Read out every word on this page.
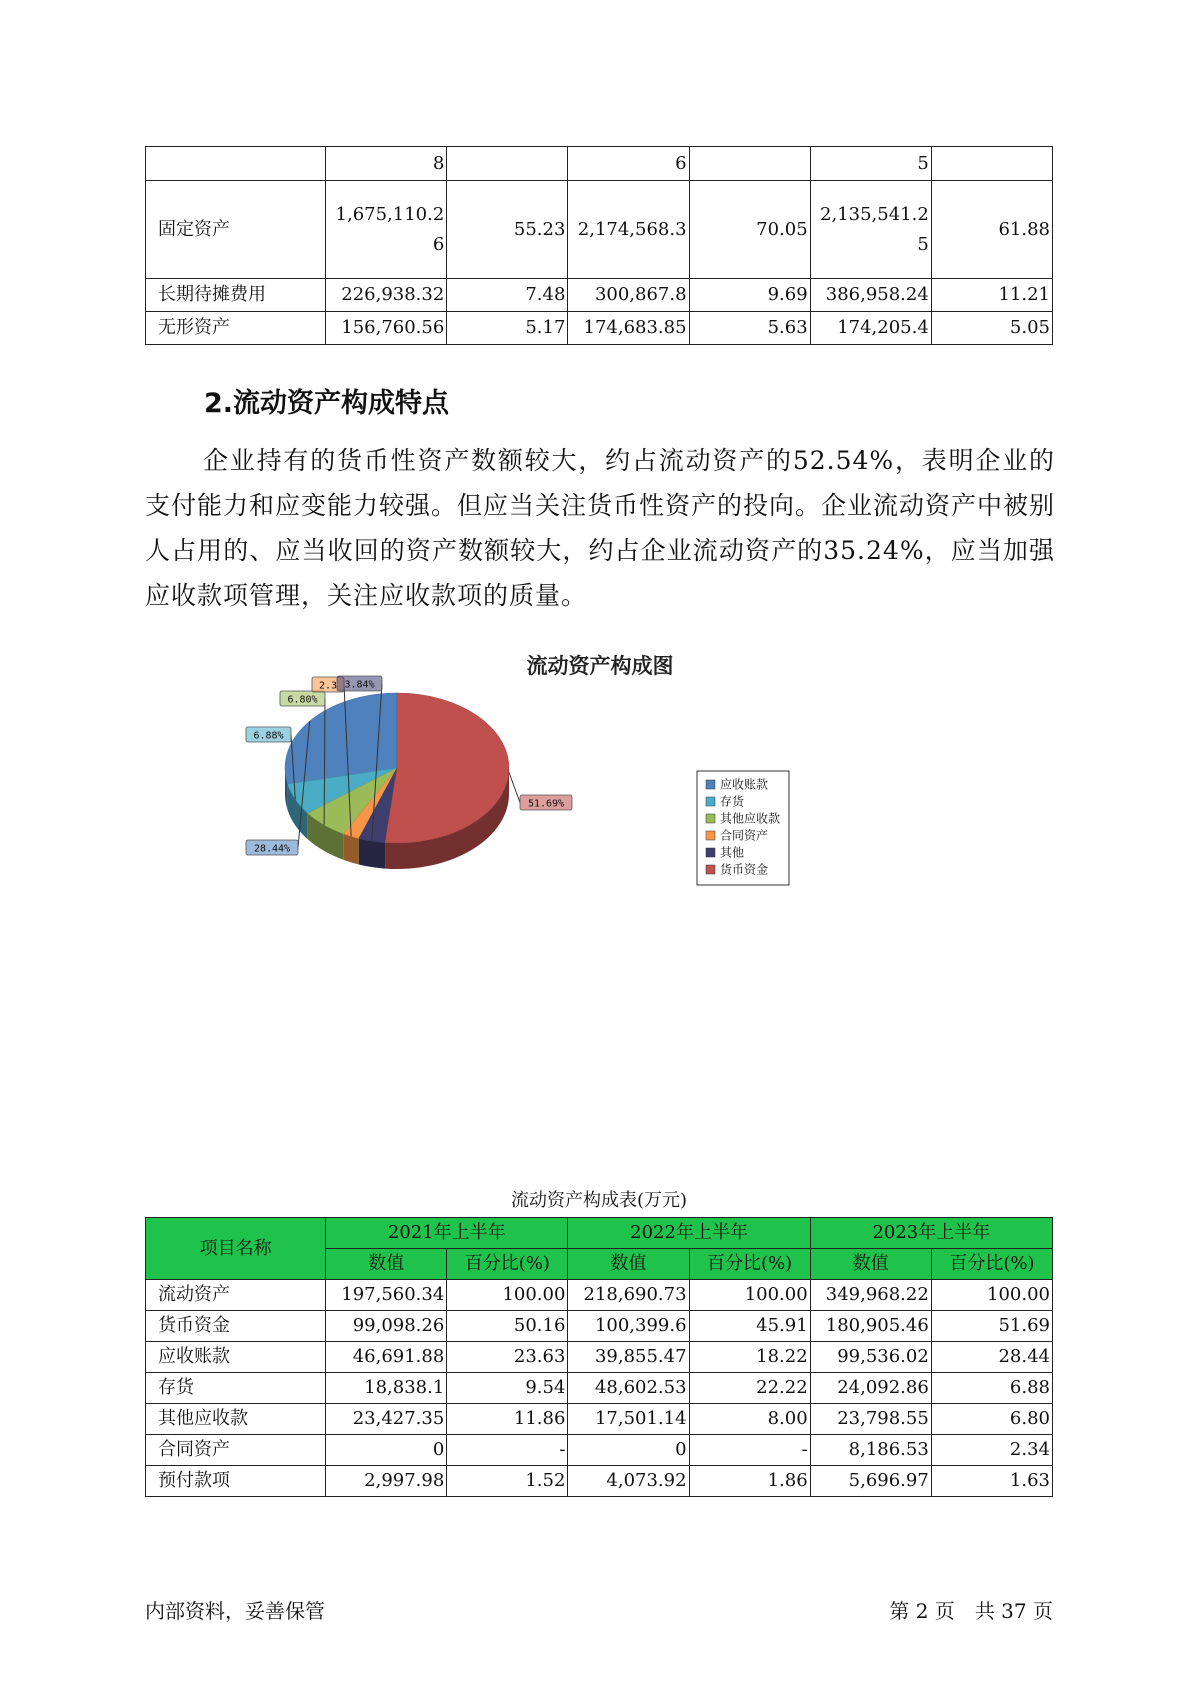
	8		6		5	
固定资产	1,675,110.26	55.23	2,174,568.3	70.05	2,135,541.25	61.88
长期待摊费用	226,938.32	7.48	300,867.8	9.69	386,958.24	11.21
无形资产	156,760.56	5.17	174,683.85	5.63	174,205.4	5.05
2.流动资产构成特点
企业持有的货币性资产数额较大，约占流动资产的52.54%，表明企业的支付能力和应变能力较强。但应当关注货币性资产的投向。企业流动资产中被别人占用的、应当收回的资产数额较大，约占企业流动资产的35.24%，应当加强应收款项管理，关注应收款项的质量。
流动资产构成图
28.44%
6.88%
6.80%
2.3 3.84%
51.69%
应收账款
存货
其他应收款
合同资产
其他
货币资金
流动资产构成表(万元)
项目名称	2021年上半年		2022年上半年		2023年上半年	
	数值	百分比(%)	数值	百分比(%)	数值	百分比(%)
流动资产	197,560.34	100.00	218,690.73	100.00	349,968.22	100.00
货币资金	99,098.26	50.16	100,399.6	45.91	180,905.46	51.69
应收账款	46,691.88	23.63	39,855.47	18.22	99,536.02	28.44
存货	18,838.1	9.54	48,602.53	22.22	24,092.86	6.88
其他应收款	23,427.35	11.86	17,501.14	8.00	23,798.55	6.80
合同资产	0	-	0	-	8,186.53	2.34
预付款项	2,997.98	1.52	4,073.92	1.86	5,696.97	1.63
内部资料，妥善保管	第 2 页　共 37 页
